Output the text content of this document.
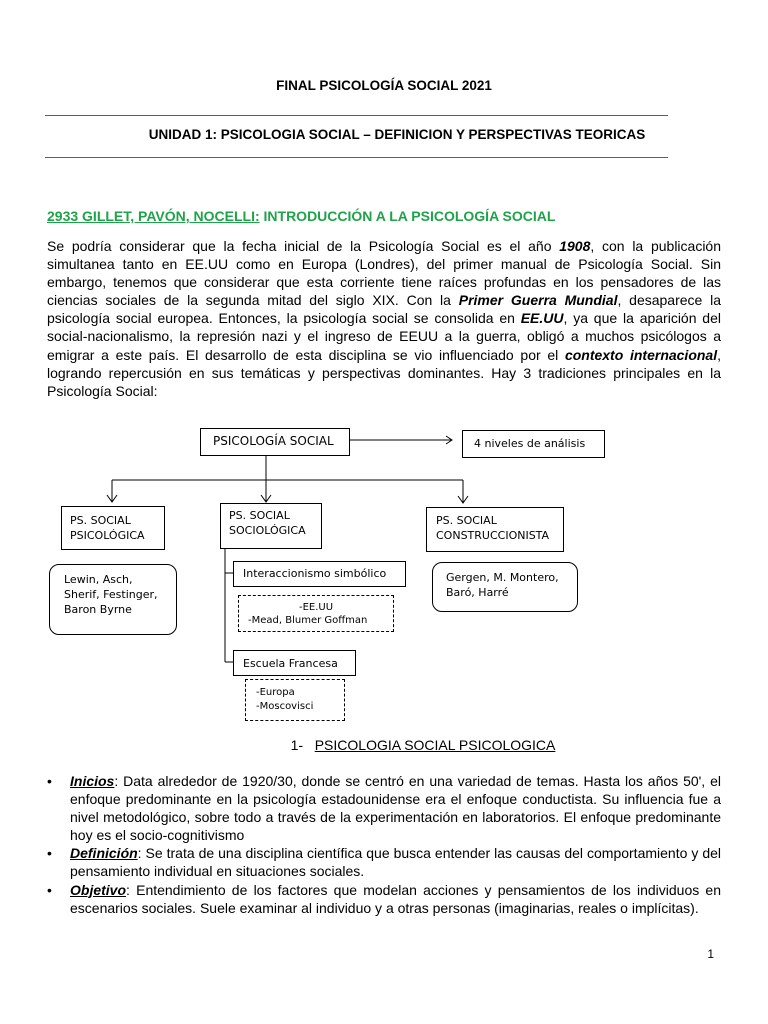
FINAL PSICOLOGÍA SOCIAL 2021
UNIDAD 1: PSICOLOGIA SOCIAL – DEFINICION Y PERSPECTIVAS TEORICAS
2933 GILLET, PAVÓN, NOCELLI: INTRODUCCIÓN A LA PSICOLOGÍA SOCIAL
Se podría considerar que la fecha inicial de la Psicología Social es el año 1908, con la publicación simultanea tanto en EE.UU como en Europa (Londres), del primer manual de Psicología Social. Sin embargo, tenemos que considerar que esta corriente tiene raíces profundas en los pensadores de las ciencias sociales de la segunda mitad del siglo XIX. Con la Primer Guerra Mundial, desaparece la psicología social europea. Entonces, la psicología social se consolida en EE.UU, ya que la aparición del social-nacionalismo, la represión nazi y el ingreso de EEUU a la guerra, obligó a muchos psicólogos a emigrar a este país. El desarrollo de esta disciplina se vio influenciado por el contexto internacional, logrando repercusión en sus temáticas y perspectivas dominantes. Hay 3 tradiciones principales en la Psicología Social:
PSICOLOGÍA SOCIAL	4 niveles de análisis
PS. SOCIAL
PSICOLÓGICA
PS. SOCIAL
SOCIOLÓGICA
PS. SOCIAL
CONSTRUCCIONISTA
Lewin, Asch,
Sherif, Festinger,
Baron Byrne
Interaccionismo simbólico
-EE.UU
-Mead, Blumer Goffman
Escuela Francesa
-Europa
-Moscovisci
Gergen, M. Montero,
Baró, Harré
1- PSICOLOGIA SOCIAL PSICOLOGICA
• Inicios: Data alrededor de 1920/30, donde se centró en una variedad de temas. Hasta los años 50', el enfoque predominante en la psicología estadounidense era el enfoque conductista. Su influencia fue a nivel metodológico, sobre todo a través de la experimentación en laboratorios. El enfoque predominante hoy es el socio-cognitivismo
• Definición: Se trata de una disciplina científica que busca entender las causas del comportamiento y del pensamiento individual en situaciones sociales.
• Objetivo: Entendimiento de los factores que modelan acciones y pensamientos de los individuos en escenarios sociales. Suele examinar al individuo y a otras personas (imaginarias, reales o implícitas).
1
